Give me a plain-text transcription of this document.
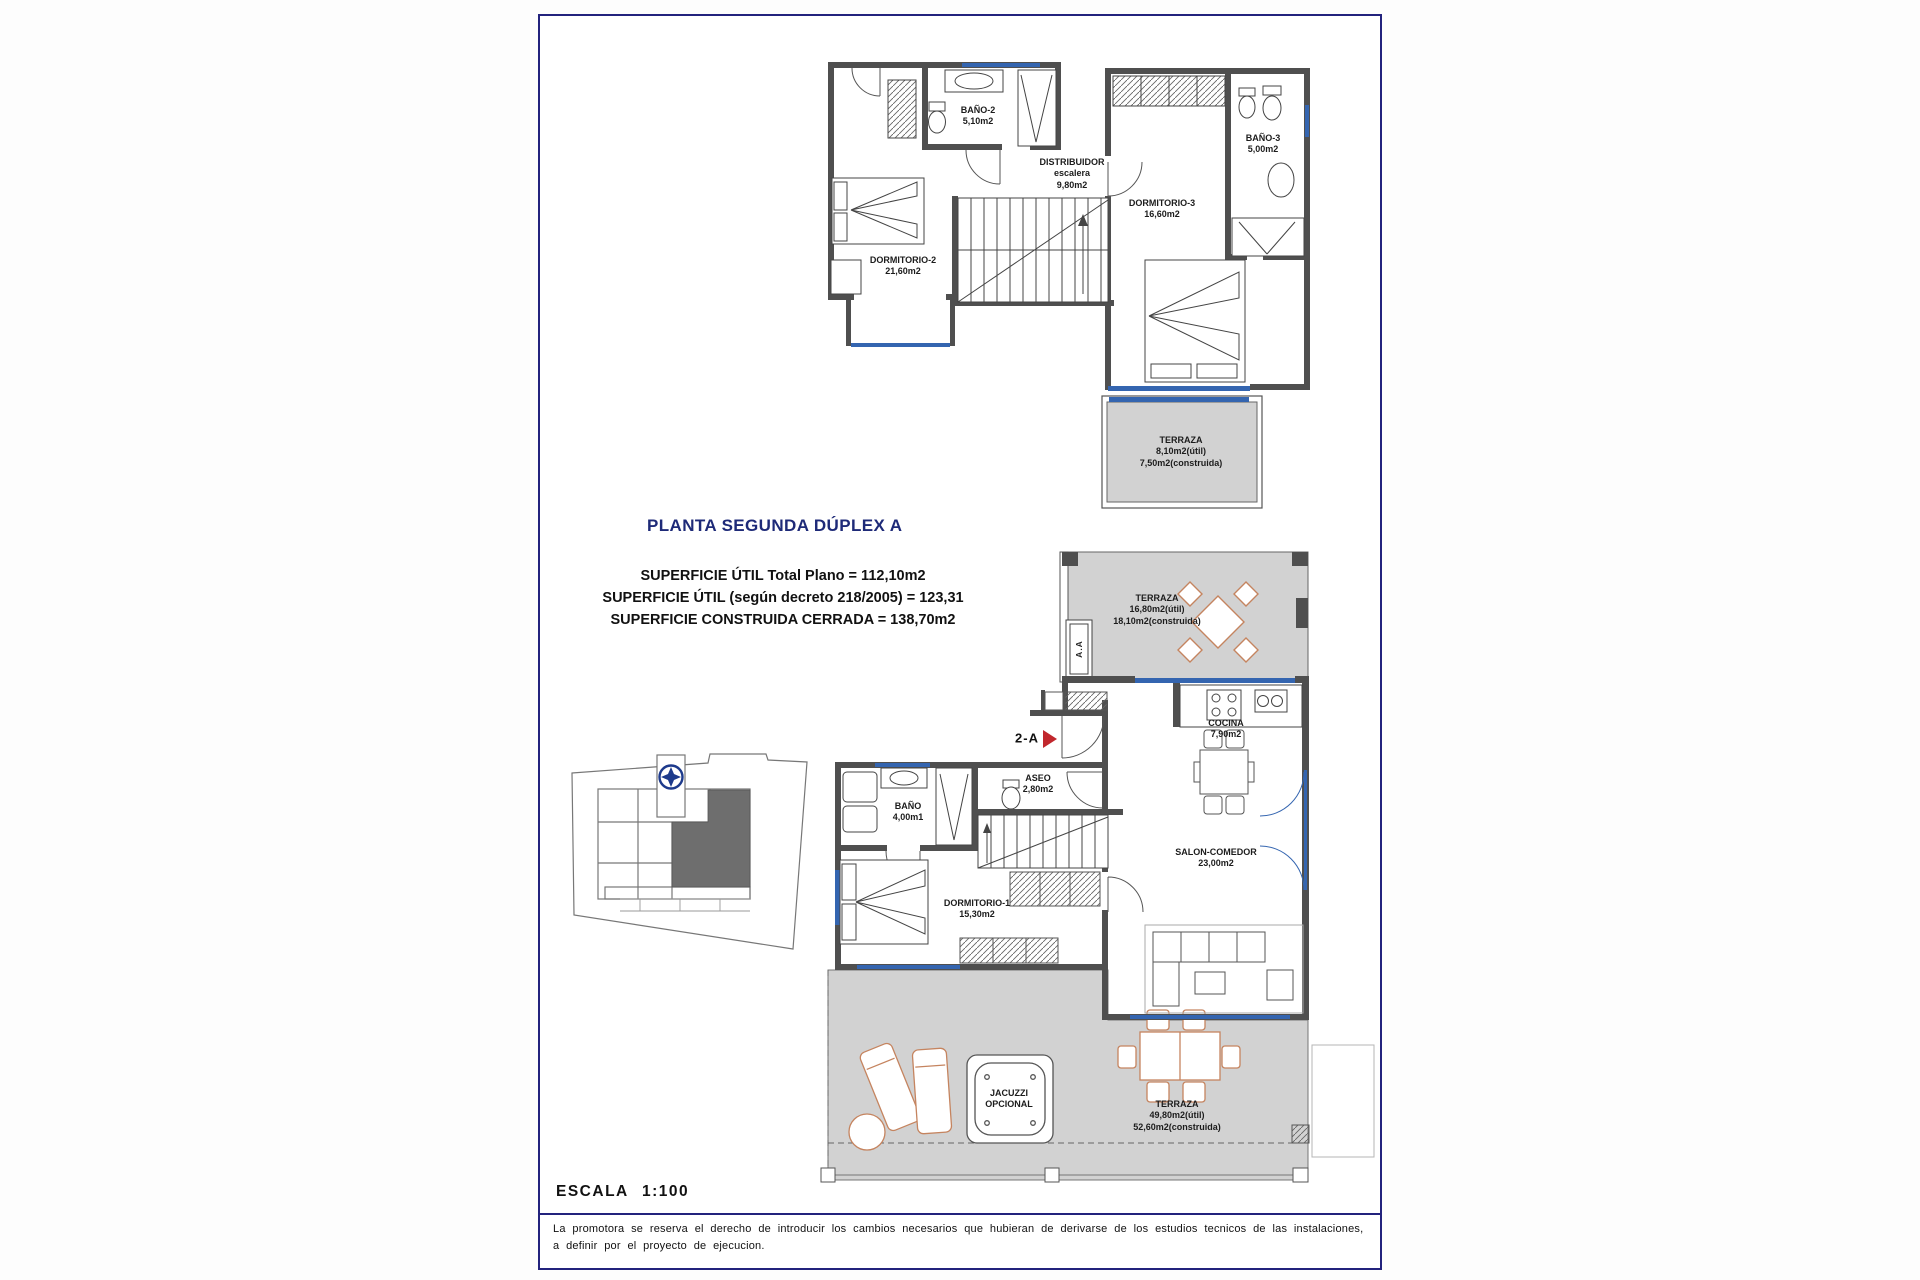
PLANTA SEGUNDA DÚPLEX A
SUPERFICIE ÚTIL Total Plano = 112,10m2
SUPERFICIE ÚTIL (según decreto 218/2005) = 123,31
SUPERFICIE CONSTRUIDA CERRADA = 138,70m2
ESCALA 1:100
La promotora se reserva el derecho de introducir los cambios necesarios que hubieran de derivarse de los estudios tecnicos de las instalaciones,
a definir por el proyecto de ejecucion.
BAÑO-2
5,10m2
DISTRIBUIDOR
escalera
9,80m2
DORMITORIO-2
21,60m2
DORMITORIO-3
16,60m2
BAÑO-3
5,00m2
TERRAZA
8,10m2(útil)
7,50m2(construida)
TERRAZA
16,80m2(útil)
18,10m2(construida)
COCINA
7,90m2
ASEO
2,80m2
BAÑO
4,00m1
DORMITORIO-1
15,30m2
SALON-COMEDOR
23,00m2
JACUZZI
OPCIONAL	TERRAZA
49,80m2(útil)
52,60m2(construida)
A.A
2-A
